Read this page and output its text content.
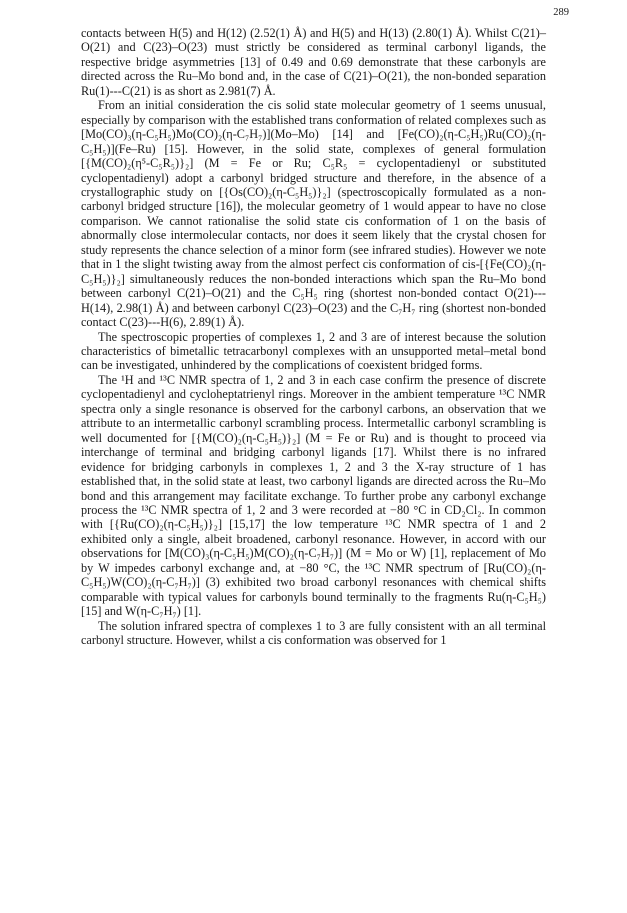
289

contacts between H(5) and H(12) (2.52(1) Å) and H(5) and H(13) (2.80(1) Å). Whilst C(21)–O(21) and C(23)–O(23) must strictly be considered as terminal carbonyl ligands, the respective bridge asymmetries [13] of 0.49 and 0.69 demonstrate that these carbonyls are directed across the Ru–Mo bond and, in the case of C(21)–O(21), the non-bonded separation Ru(1)---C(21) is as short as 2.981(7) Å.

From an initial consideration the cis solid state molecular geometry of 1 seems unusual, especially by comparison with the established trans conformation of related complexes such as [Mo(CO)₃(η-C₅H₅)Mo(CO)₂(η-C₇H₇)](Mo–Mo) [14] and [Fe(CO)₂(η-C₅H₅)Ru(CO)₂(η-C₅H₅)](Fe–Ru) [15]. However, in the solid state, complexes of general formulation [{M(CO)₂(η⁵-C₅R₅)}₂] (M = Fe or Ru; C₅R₅ = cyclopentadienyl or substituted cyclopentadienyl) adopt a carbonyl bridged structure and therefore, in the absence of a crystallographic study on [{Os(CO)₂(η-C₅H₅)}₂] (spectroscopically formulated as a non-carbonyl bridged structure [16]), the molecular geometry of 1 would appear to have no close comparison. We cannot rationalise the solid state cis conformation of 1 on the basis of abnormally close intermolecular contacts, nor does it seem likely that the crystal chosen for study represents the chance selection of a minor form (see infrared studies). However we note that in 1 the slight twisting away from the almost perfect cis conformation of cis-[{Fe(CO)₂(η-C₅H₅)}₂] simultaneously reduces the non-bonded interactions which span the Ru–Mo bond between carbonyl C(21)–O(21) and the C₅H₅ ring (shortest non-bonded contact O(21)---H(14), 2.98(1) Å) and between carbonyl C(23)–O(23) and the C₇H₇ ring (shortest non-bonded contact C(23)---H(6), 2.89(1) Å).

The spectroscopic properties of complexes 1, 2 and 3 are of interest because the solution characteristics of bimetallic tetracarbonyl complexes with an unsupported metal–metal bond can be investigated, unhindered by the complications of coexistent bridged forms.

The ¹H and ¹³C NMR spectra of 1, 2 and 3 in each case confirm the presence of discrete cyclopentadienyl and cycloheptatrienyl rings. Moreover in the ambient temperature ¹³C NMR spectra only a single resonance is observed for the carbonyl carbons, an observation that we attribute to an intermetallic carbonyl scrambling process. Intermetallic carbonyl scrambling is well documented for [{M(CO)₂(η-C₅H₅)}₂] (M = Fe or Ru) and is thought to proceed via interchange of terminal and bridging carbonyl ligands [17]. Whilst there is no infrared evidence for bridging carbonyls in complexes 1, 2 and 3 the X-ray structure of 1 has established that, in the solid state at least, two carbonyl ligands are directed across the Ru–Mo bond and this arrangement may facilitate exchange. To further probe any carbonyl exchange process the ¹³C NMR spectra of 1, 2 and 3 were recorded at −80 °C in CD₂Cl₂. In common with [{Ru(CO)₂(η-C₅H₅)}₂] [15,17] the low temperature ¹³C NMR spectra of 1 and 2 exhibited only a single, albeit broadened, carbonyl resonance. However, in accord with our observations for [M(CO)₃(η-C₅H₅)M(CO)₂(η-C₇H₇)] (M = Mo or W) [1], replacement of Mo by W impedes carbonyl exchange and, at −80 °C, the ¹³C NMR spectrum of [Ru(CO)₂(η-C₅H₅)W(CO)₂(η-C₇H₇)] (3) exhibited two broad carbonyl resonances with chemical shifts comparable with typical values for carbonyls bound terminally to the fragments Ru(η-C₅H₅) [15] and W(η-C₇H₇) [1].

The solution infrared spectra of complexes 1 to 3 are fully consistent with an all terminal carbonyl structure. However, whilst a cis conformation was observed for 1
